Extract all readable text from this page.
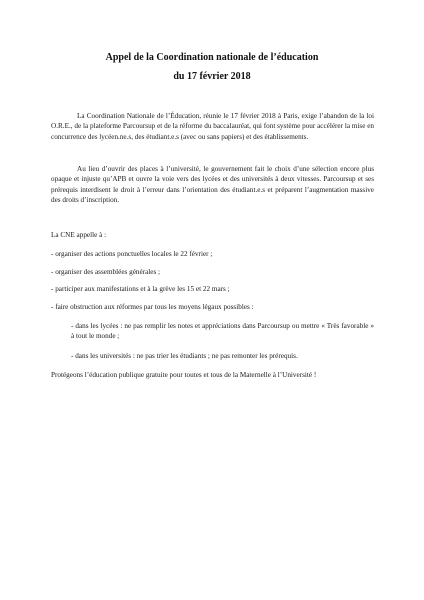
Appel de la Coordination nationale de l’éducation
du 17 février 2018
La Coordination Nationale de l’Éducation, réunie le 17 février 2018 à Paris, exige l’abandon de la loi O.R.E., de la plateforme Parcoursup et de la réforme du baccalauréat, qui font système pour accélérer la mise en concurrence des lycéen.ne.s, des étudiant.e.s (avec ou sans papiers) et des établissements.
Au lieu d’ouvrir des places à l’université, le gouvernement fait le choix d’une sélection encore plus opaque et injuste qu’APB et ouvre la voie vers des lycées et des universités à deux vitesses. Parcoursup et ses prérequis interdisent le droit à l’erreur dans l’orientation des étudiant.e.s et préparent l’augmentation massive des droits d’inscription.
La CNE appelle à :
- organiser des actions ponctuelles locales le 22 février ;
- organiser des assemblées générales ;
- participer aux manifestations et à la grève les 15 et 22 mars ;
- faire obstruction aux réformes par tous les moyens légaux possibles :
- dans les lycées : ne pas remplir les notes et appréciations dans Parcoursup ou mettre « Très favorable » à tout le monde ;
- dans les universités : ne pas trier les étudiants ; ne pas remonter les prérequis.
Protégeons l’éducation publique gratuite pour toutes et tous de la Maternelle à l’Université !
